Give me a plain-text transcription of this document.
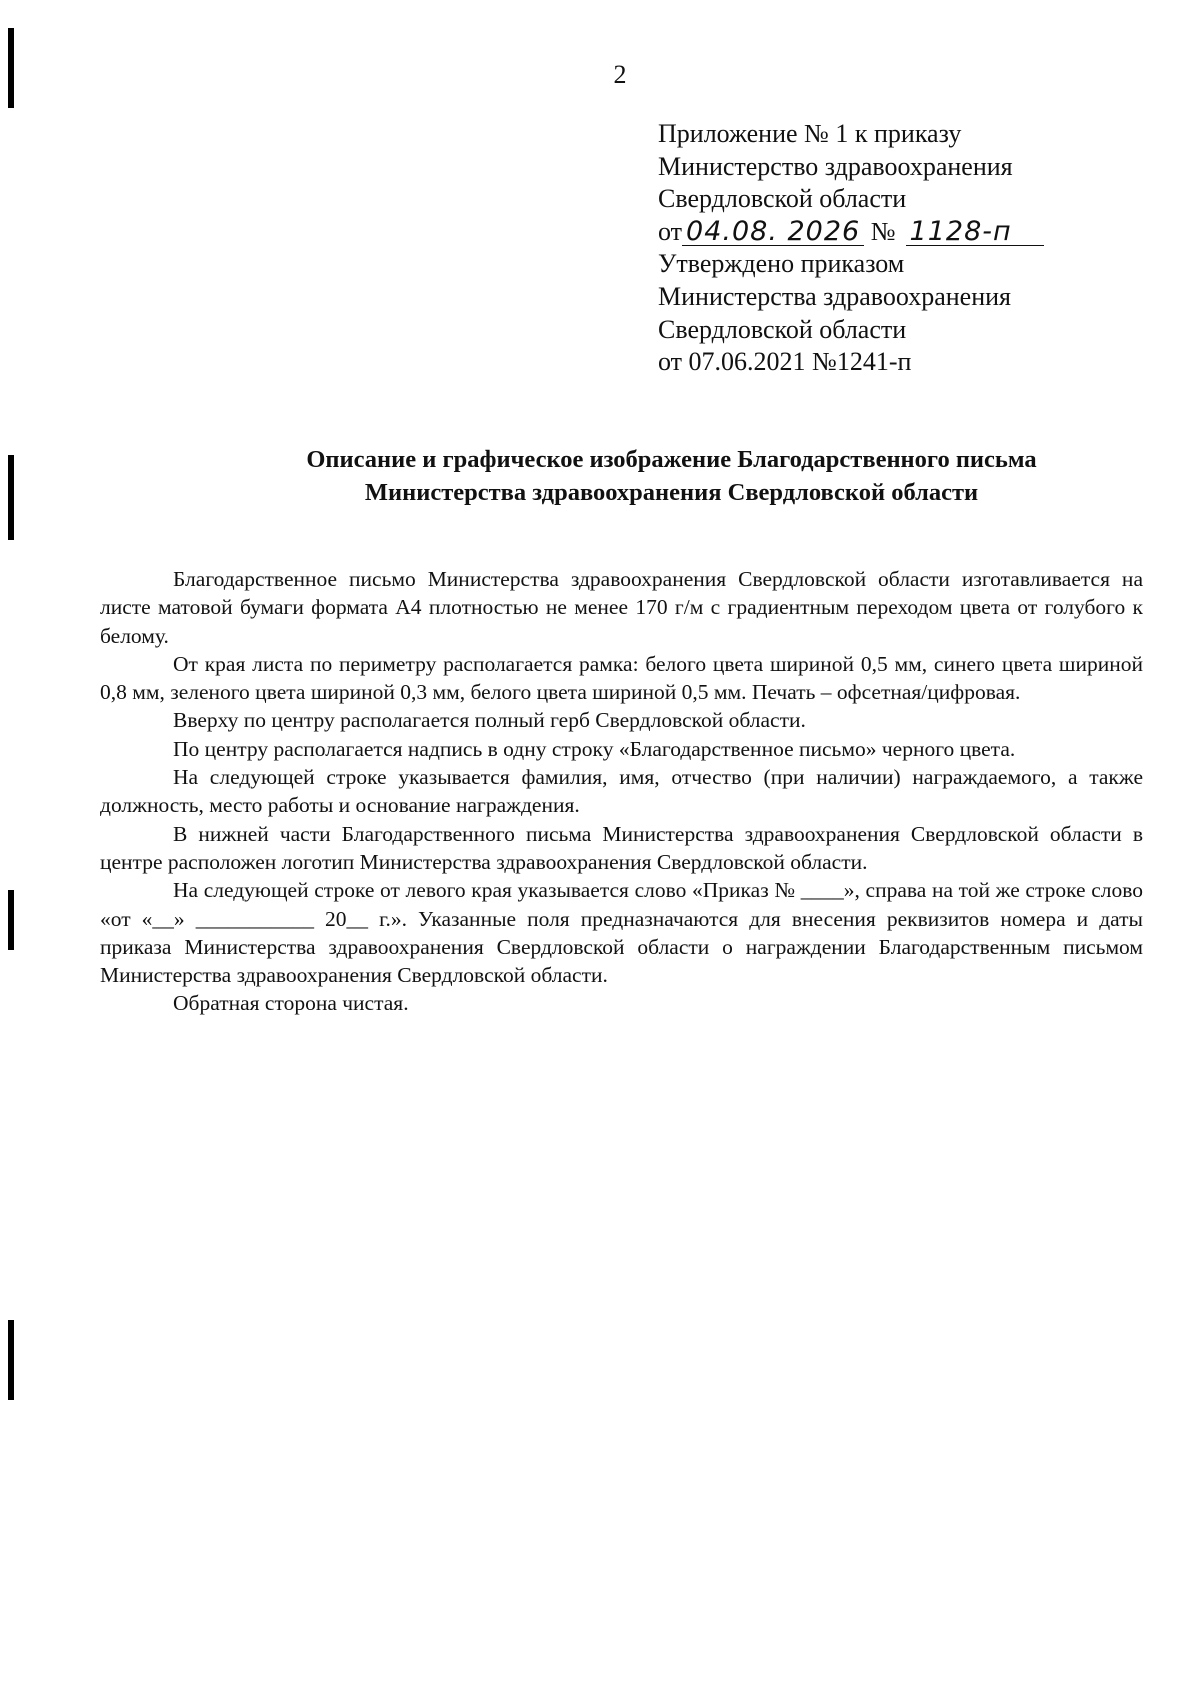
2
Приложение № 1 к приказу
Министерство здравоохранения
Свердловской области
от 04.08. 2026 № 1128-п
Утверждено приказом
Министерства здравоохранения
Свердловской области
от 07.06.2021 №1241-п
Описание и графическое изображение Благодарственного письма
Министерства здравоохранения Свердловской области

Благодарственное письмо Министерства здравоохранения Свердловской области изготавливается на листе матовой бумаги формата А4 плотностью не менее 170 г/м с градиентным переходом цвета от голубого к белому.

От края листа по периметру располагается рамка: белого цвета шириной 0,5 мм, синего цвета шириной 0,8 мм, зеленого цвета шириной 0,3 мм, белого цвета шириной 0,5 мм. Печать – офсетная/цифровая.

Вверху по центру располагается полный герб Свердловской области.

По центру располагается надпись в одну строку «Благодарственное письмо» черного цвета.

На следующей строке указывается фамилия, имя, отчество (при наличии) награждаемого, а также должность, место работы и основание награждения.

В нижней части Благодарственного письма Министерства здравоохранения Свердловской области в центре расположен логотип Министерства здравоохранения Свердловской области.

На следующей строке от левого края указывается слово «Приказ № ____», справа на той же строке слово «от «__» ___________ 20__ г.». Указанные поля предназначаются для внесения реквизитов номера и даты приказа Министерства здравоохранения Свердловской области о награждении Благодарственным письмом Министерства здравоохранения Свердловской области.

Обратная сторона чистая.
